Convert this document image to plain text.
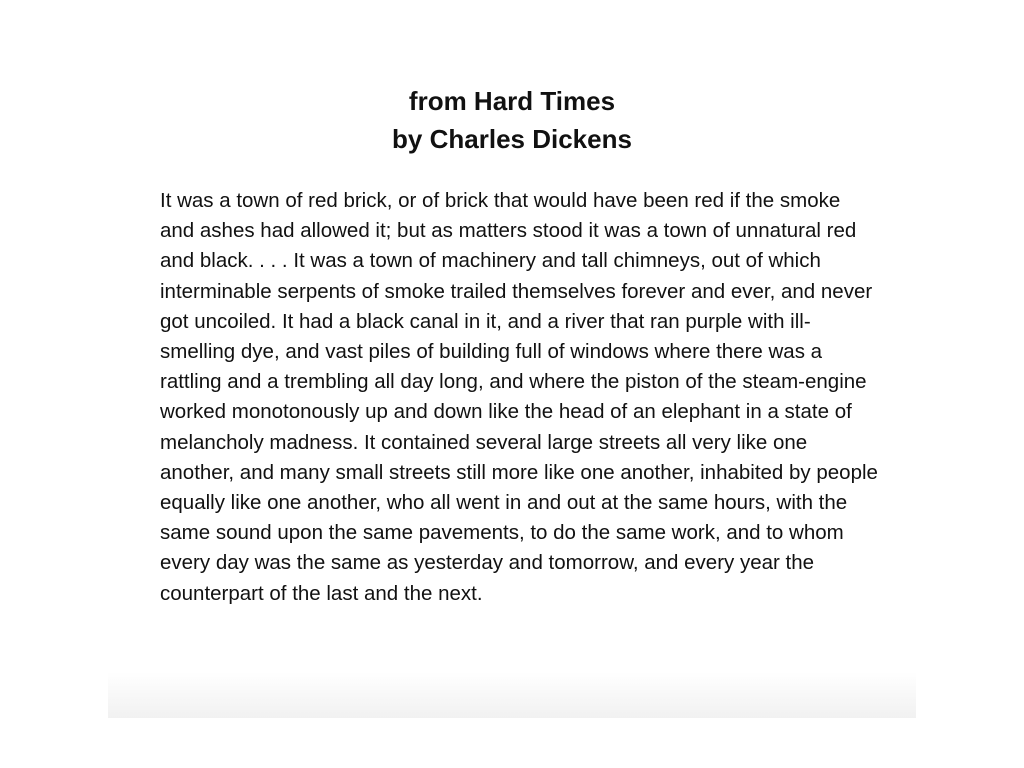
from Hard Times

by Charles Dickens

It was a town of red brick, or of brick that would have been red if the smoke and ashes had allowed it; but as matters stood it was a town of unnatural red and black. . . . It was a town of machinery and tall chimneys, out of which interminable serpents of smoke trailed themselves forever and ever, and never got uncoiled. It had a black canal in it, and a river that ran purple with ill-smelling dye, and vast piles of building full of windows where there was a rattling and a trembling all day long, and where the piston of the steam-engine worked monotonously up and down like the head of an elephant in a state of melancholy madness. It contained several large streets all very like one another, and many small streets still more like one another, inhabited by people equally like one another, who all went in and out at the same hours, with the same sound upon the same pavements, to do the same work, and to whom every day was the same as yesterday and tomorrow, and every year the counterpart of the last and the next.
